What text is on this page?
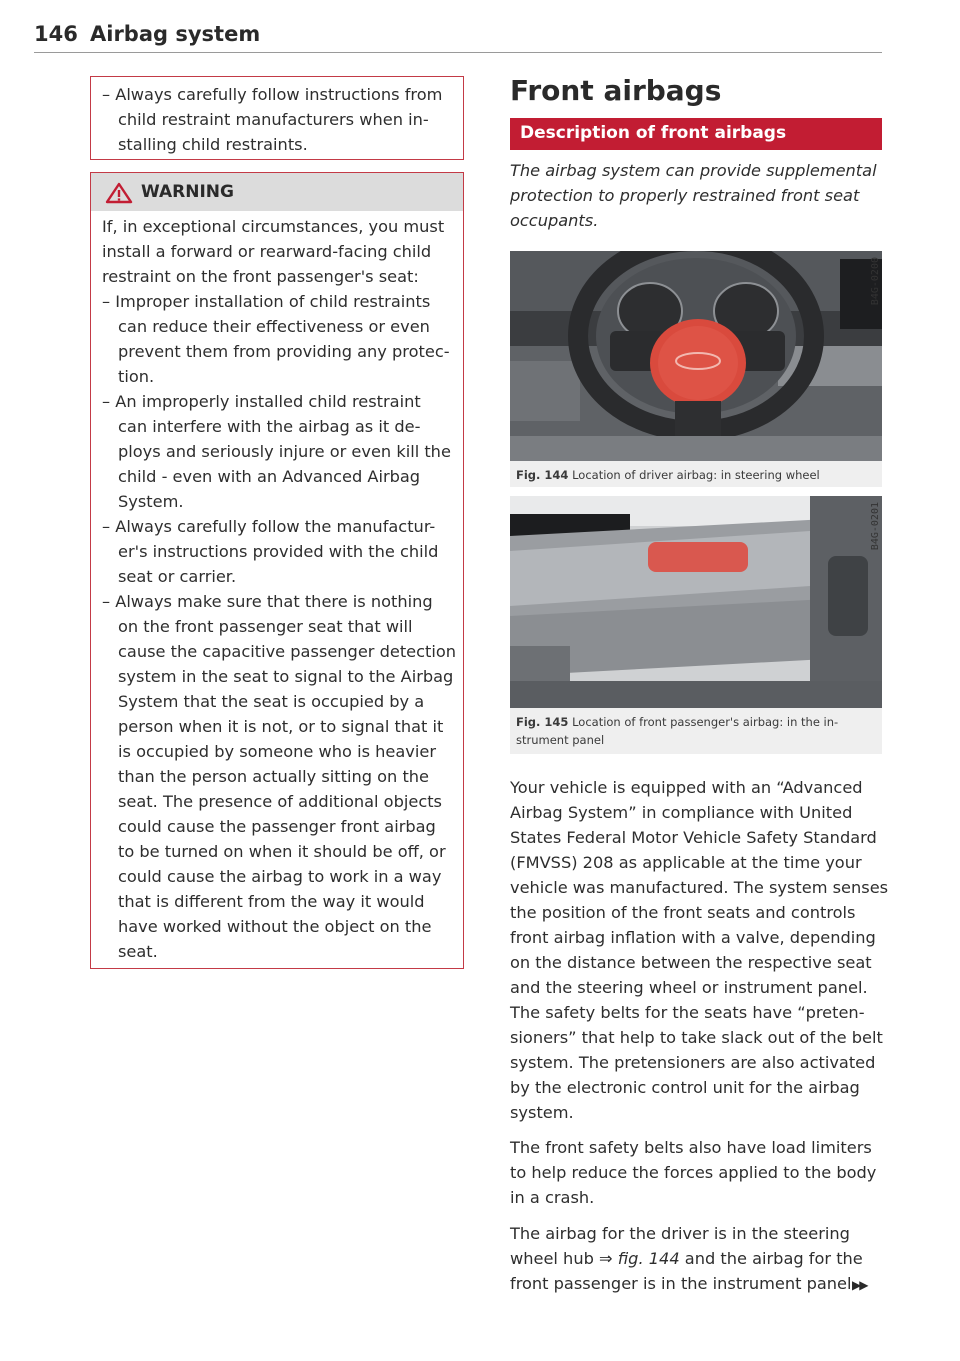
146 Airbag system
– Always carefully follow instructions from
child restraint manufacturers when in-
stalling child restraints.
WARNING
If, in exceptional circumstances, you must
install a forward or rearward-facing child
restraint on the front passenger's seat:
– Improper installation of child restraints
can reduce their effectiveness or even
prevent them from providing any protec-
tion.
– An improperly installed child restraint
can interfere with the airbag as it de-
ploys and seriously injure or even kill the
child - even with an Advanced Airbag
System.
– Always carefully follow the manufactur-
er's instructions provided with the child
seat or carrier.
– Always make sure that there is nothing
on the front passenger seat that will
cause the capacitive passenger detection
system in the seat to signal to the Airbag
System that the seat is occupied by a
person when it is not, or to signal that it
is occupied by someone who is heavier
than the person actually sitting on the
seat. The presence of additional objects
could cause the passenger front airbag
to be turned on when it should be off, or
could cause the airbag to work in a way
that is different from the way it would
have worked without the object on the
seat.
Front airbags
Description of front airbags
The airbag system can provide supplemental
protection to properly restrained front seat
occupants.
B4G-0200
Fig. 144 Location of driver airbag: in steering wheel
B4G-0201
Fig. 145 Location of front passenger's airbag: in the in-
strument panel
Your vehicle is equipped with an “Advanced
Airbag System” in compliance with United
States Federal Motor Vehicle Safety Standard
(FMVSS) 208 as applicable at the time your
vehicle was manufactured. The system senses
the position of the front seats and controls
front airbag inflation with a valve, depending
on the distance between the respective seat
and the steering wheel or instrument panel.
The safety belts for the seats have “preten-
sioners” that help to take slack out of the belt
system. The pretensioners are also activated
by the electronic control unit for the airbag
system.
The front safety belts also have load limiters
to help reduce the forces applied to the body
in a crash.
The airbag for the driver is in the steering
wheel hub ⇒ fig. 144 and the airbag for the
front passenger is in the instrument panel ▶▶
